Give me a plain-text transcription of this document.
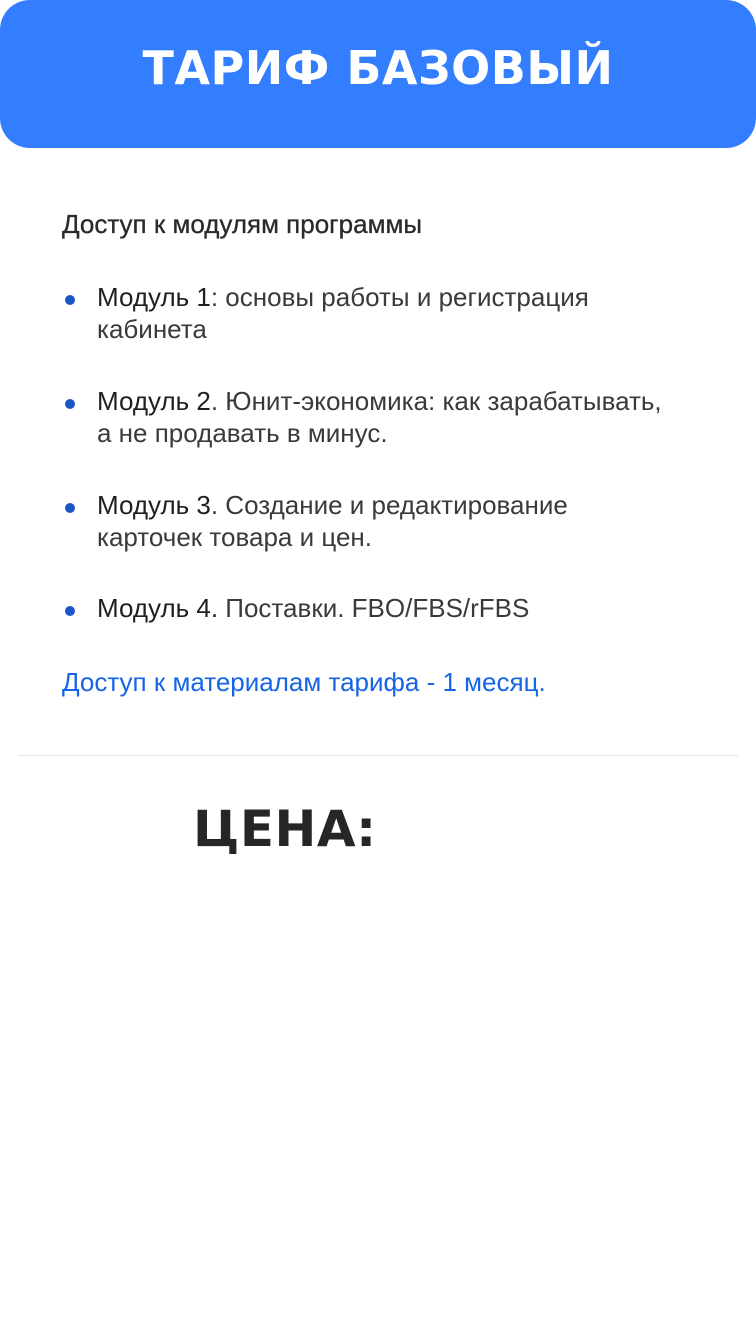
ТАРИФ БАЗОВЫЙ
Доступ к модулям программы
Модуль 1: основы работы и регистрация кабинета
Модуль 2. Юнит-экономика: как зарабатывать, а не продавать в минус.
Модуль 3. Создание и редактирование карточек товара и цен.
Модуль 4. Поставки. FBO/FBS/rFBS
Доступ к материалам тарифа - 1 месяц.
ЦЕНА:
